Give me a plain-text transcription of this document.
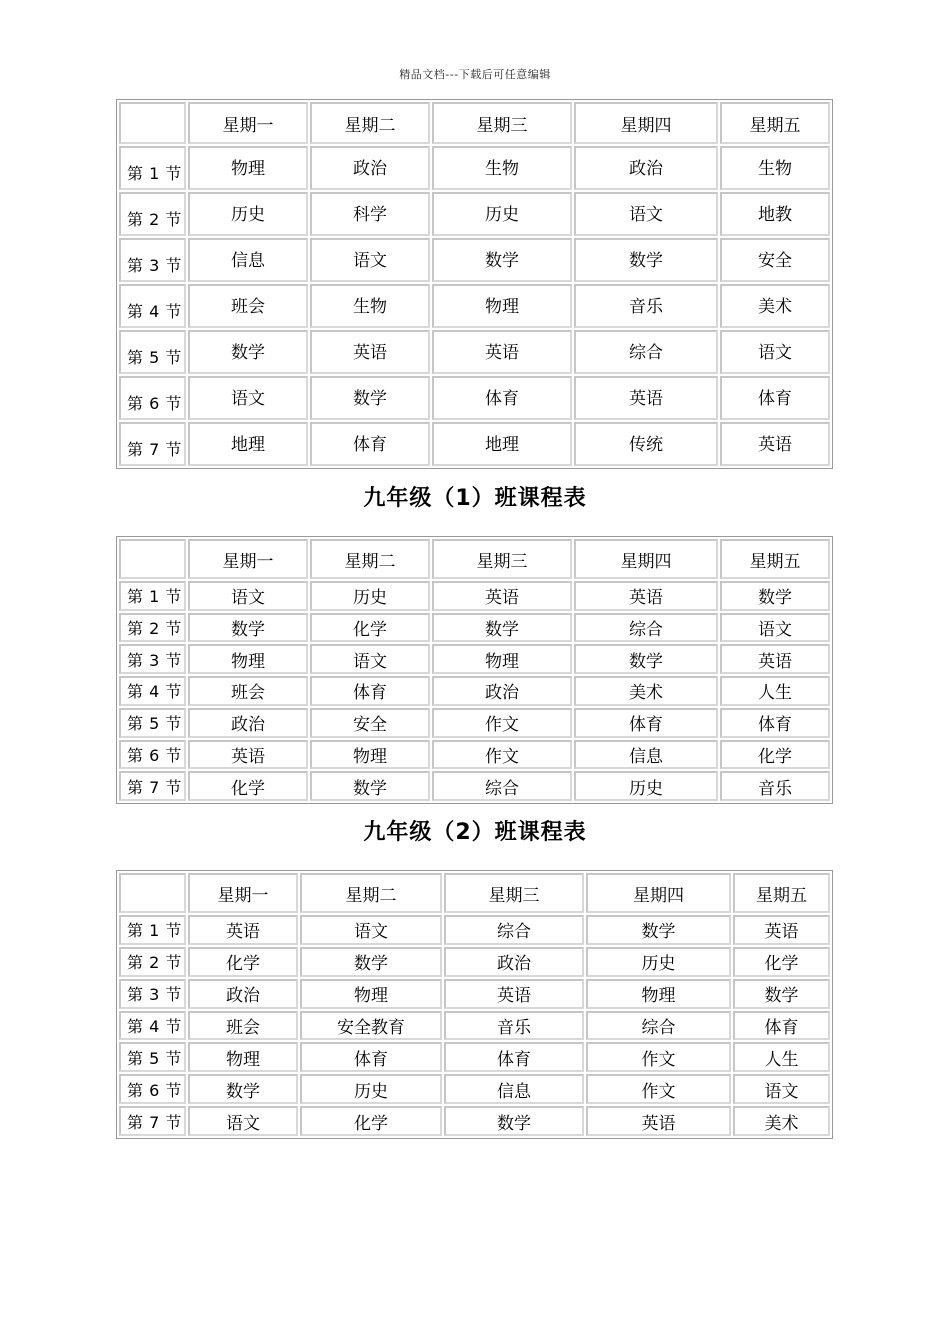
精品文档---下载后可任意编辑
	星期一	星期二	星期三	星期四	星期五
第 1 节	物理	政治	生物	政治	生物
第 2 节	历史	科学	历史	语文	地教
第 3 节	信息	语文	数学	数学	安全
第 4 节	班会	生物	物理	音乐	美术
第 5 节	数学	英语	英语	综合	语文
第 6 节	语文	数学	体育	英语	体育
第 7 节	地理	体育	地理	传统	英语
九年级（1）班课程表
	星期一	星期二	星期三	星期四	星期五
第 1 节	语文	历史	英语	英语	数学
第 2 节	数学	化学	数学	综合	语文
第 3 节	物理	语文	物理	数学	英语
第 4 节	班会	体育	政治	美术	人生
第 5 节	政治	安全	作文	体育	体育
第 6 节	英语	物理	作文	信息	化学
第 7 节	化学	数学	综合	历史	音乐
九年级（2）班课程表
	星期一	星期二	星期三	星期四	星期五
第 1 节	英语	语文	综合	数学	英语
第 2 节	化学	数学	政治	历史	化学
第 3 节	政治	物理	英语	物理	数学
第 4 节	班会	安全教育	音乐	综合	体育
第 5 节	物理	体育	体育	作文	人生
第 6 节	数学	历史	信息	作文	语文
第 7 节	语文	化学	数学	英语	美术
